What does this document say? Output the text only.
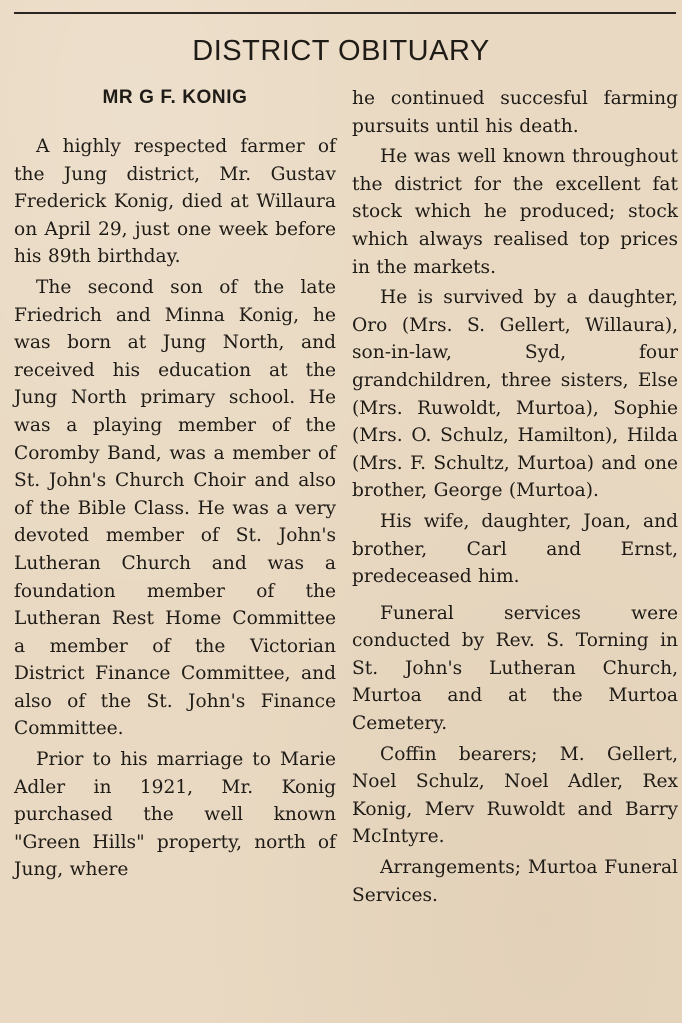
DISTRICT OBITUARY
MR G F. KONIG

A highly respected farmer of the Jung district, Mr. Gustav Frederick Konig, died at Willaura on April 29, just one week before his 89th birthday.

The second son of the late Friedrich and Minna Konig, he was born at Jung North, and received his education at the Jung North primary school. He was a playing member of the Coromby Band, was a member of St. John's Church Choir and also of the Bible Class. He was a very devoted member of St. John's Lutheran Church and was a foundation member of the Lutheran Rest Home Committee a member of the Victorian District Finance Committee, and also of the St. John's Finance Committee.

Prior to his marriage to Marie Adler in 1921, Mr. Konig purchased the well known "Green Hills" property, north of Jung, where

he continued succesful farming pursuits until his death.

He was well known throughout the district for the excellent fat stock which he produced; stock which always realised top prices in the markets.

He is survived by a daughter, Oro (Mrs. S. Gellert, Willaura), son-in-law, Syd, four grandchildren, three sisters, Else (Mrs. Ruwoldt, Murtoa), Sophie (Mrs. O. Schulz, Hamilton), Hilda (Mrs. F. Schultz, Murtoa) and one brother, George (Murtoa).

His wife, daughter, Joan, and brother, Carl and Ernst, predeceased him.

Funeral services were conducted by Rev. S. Torning in St. John's Lutheran Church, Murtoa and at the Murtoa Cemetery.

Coffin bearers; M. Gellert, Noel Schulz, Noel Adler, Rex Konig, Merv Ruwoldt and Barry McIntyre.

Arrangements; Murtoa Funeral Services.
